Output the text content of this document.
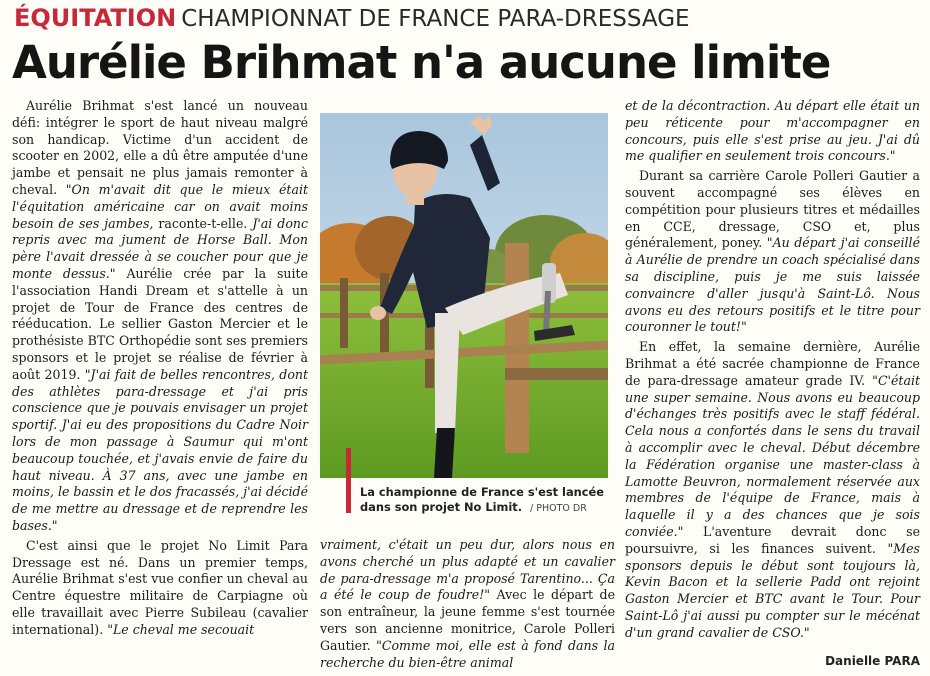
ÉQUITATION CHAMPIONNAT DE FRANCE PARA-DRESSAGE
Aurélie Brihmat n'a aucune limite

Aurélie Brihmat s'est lancé un nouveau défi: intégrer le sport de haut niveau malgré son handicap. Victime d'un accident de scooter en 2002, elle a dû être amputée d'une jambe et pensait ne plus jamais remonter à cheval. "On m'avait dit que le mieux était l'équitation américaine car on avait moins besoin de ses jambes, raconte-t-elle. J'ai donc repris avec ma jument de Horse Ball. Mon père l'avait dressée à se coucher pour que je monte dessus." Aurélie crée par la suite l'association Handi Dream et s'attelle à un projet de Tour de France des centres de rééducation. Le sellier Gaston Mercier et le prothésiste BTC Orthopédie sont ses premiers sponsors et le projet se réalise de février à août 2019. "J'ai fait de belles rencontres, dont des athlètes para-dressage et j'ai pris conscience que je pouvais envisager un projet sportif. J'ai eu des propositions du Cadre Noir lors de mon passage à Saumur qui m'ont beaucoup touchée, et j'avais envie de faire du haut niveau. À 37 ans, avec une jambe en moins, le bassin et le dos fracassés, j'ai décidé de me mettre au dressage et de reprendre les bases."

C'est ainsi que le projet No Limit Para Dressage est né. Dans un premier temps, Aurélie Brihmat s'est vue confier un cheval au Centre équestre militaire de Carpiagne où elle travaillait avec Pierre Subileau (cavalier international). "Le cheval me secouait

La championne de France s'est lancée dans son projet No Limit. / PHOTO DR

vraiment, c'était un peu dur, alors nous en avons cherché un plus adapté et un cavalier de para-dressage m'a proposé Tarentino... Ça a été le coup de foudre!" Avec le départ de son entraîneur, la jeune femme s'est tournée vers son ancienne monitrice, Carole Polleri Gautier. "Comme moi, elle est à fond dans la recherche du bien-être animal

et de la décontraction. Au départ elle était un peu réticente pour m'accompagner en concours, puis elle s'est prise au jeu. J'ai dû me qualifier en seulement trois concours."

Durant sa carrière Carole Polleri Gautier a souvent accompagné ses élèves en compétition pour plusieurs titres et médailles en CCE, dressage, CSO et, plus généralement, poney. "Au départ j'ai conseillé à Aurélie de prendre un coach spécialisé dans sa discipline, puis je me suis laissée convaincre d'aller jusqu'à Saint-Lô. Nous avons eu des retours positifs et le titre pour couronner le tout!"

En effet, la semaine dernière, Aurélie Brihmat a été sacrée championne de France de para-dressage amateur grade IV. "C'était une super semaine. Nous avons eu beaucoup d'échanges très positifs avec le staff fédéral. Cela nous a confortés dans le sens du travail à accomplir avec le cheval. Début décembre la Fédération organise une master-class à Lamotte Beuvron, normalement réservée aux membres de l'équipe de France, mais à laquelle il y a des chances que je sois conviée." L'aventure devrait donc se poursuivre, si les finances suivent. "Mes sponsors depuis le début sont toujours là, Kevin Bacon et la sellerie Padd ont rejoint Gaston Mercier et BTC avant le Tour. Pour Saint-Lô j'ai aussi pu compter sur le mécénat d'un grand cavalier de CSO."

Danielle PARA
